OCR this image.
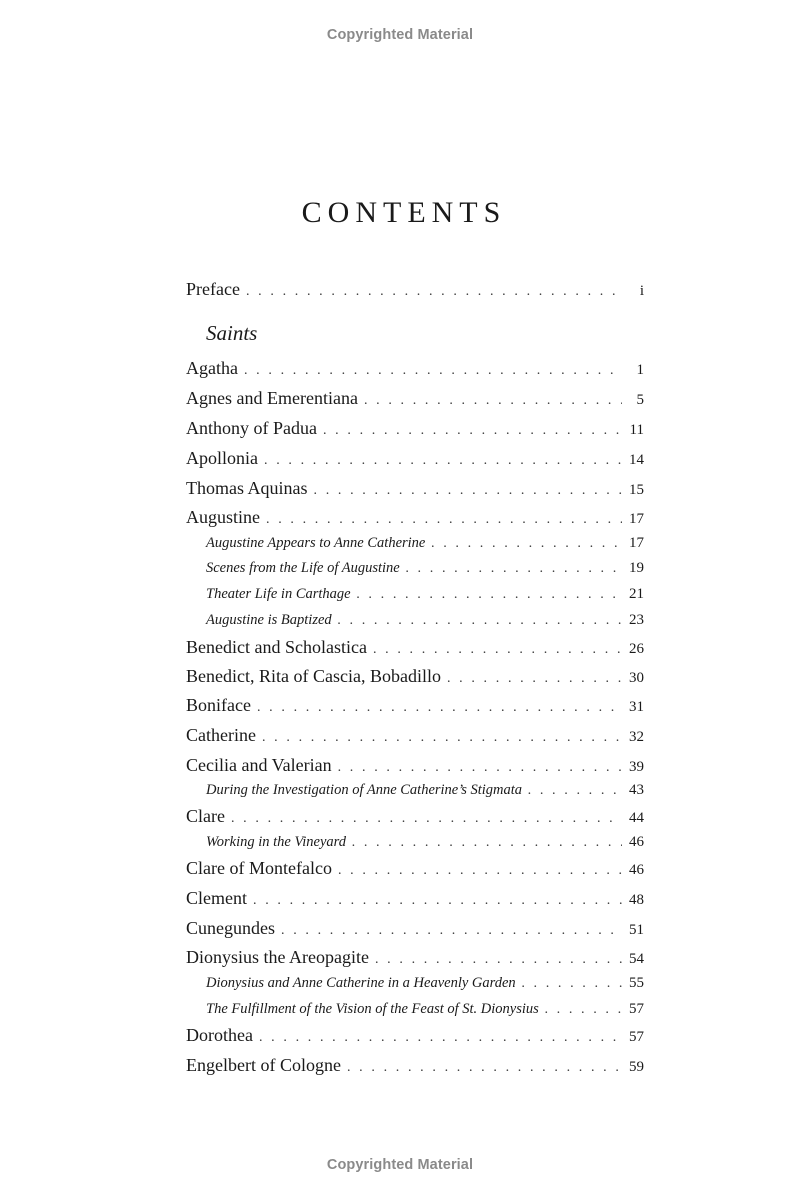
Copyrighted Material
CONTENTS
Preface . . .	i
Saints
Agatha . . .	1
Agnes and Emerentiana . . .	5
Anthony of Padua . . .	11
Apollonia . . .	14
Thomas Aquinas . . .	15
Augustine . . .	17
Augustine Appears to Anne Catherine . . .	17
Scenes from the Life of Augustine . . .	19
Theater Life in Carthage . . .	21
Augustine is Baptized . . .	23
Benedict and Scholastica . . .	26
Benedict, Rita of Cascia, Bobadillo . . .	30
Boniface . . .	31
Catherine . . .	32
Cecilia and Valerian . . .	39
During the Investigation of Anne Catherine’s Stigmata . . .	43
Clare . . .	44
Working in the Vineyard . . .	46
Clare of Montefalco . . .	46
Clement . . .	48
Cunegundes . . .	51
Dionysius the Areopagite . . .	54
Dionysius and Anne Catherine in a Heavenly Garden . . .	55
The Fulfillment of the Vision of the Feast of St. Dionysius . . .	57
Dorothea . . .	57
Engelbert of Cologne . . .	59
Copyrighted Material
